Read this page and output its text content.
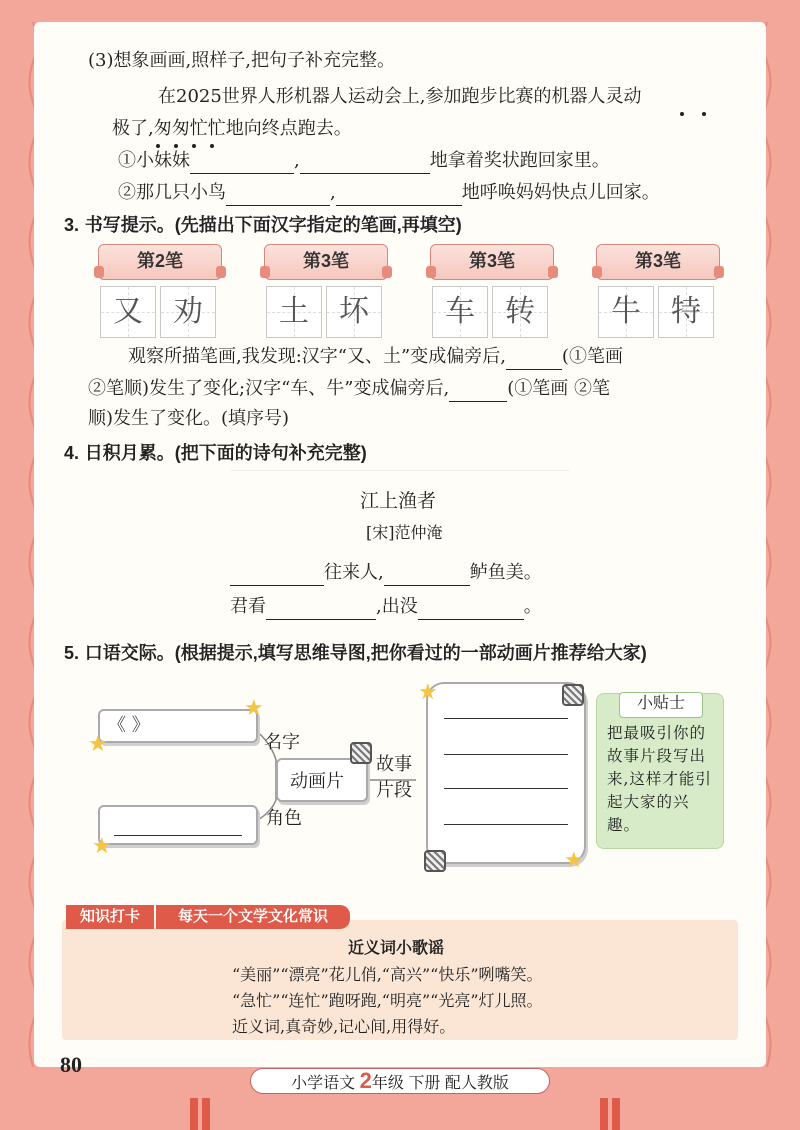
(3)想象画画,照样子,把句子补充完整。
在2025世界人形机器人运动会上,参加跑步比赛的机器人灵动
极了,匆匆忙忙地向终点跑去。
①小妹妹	,	地拿着奖状跑回家里。
②那几只小鸟	,	地呼唤妈妈快点儿回家。
3. 书写提示。(先描出下面汉字指定的笔画,再填空)
第2笔
又	劝
第3笔
土	坏
第3笔
车	转
第3笔
牛	特
观察所描笔画,我发现:汉字“又、土”变成偏旁后,	(①笔画
②笔顺)发生了变化;汉字“车、牛”变成偏旁后,	(①笔画 ②笔
顺)发生了变化。(填序号)
4. 日积月累。(把下面的诗句补充完整)
江上渔者
[宋]范仲淹
往来人,	鲈鱼美。
君看	,出没	。
5. 口语交际。(根据提示,填写思维导图,把你看过的一部动画片推荐给大家)
《 》
★
★
名字
动画片
故事
片段
★
角色
★
★
小贴士
把最吸引你的故事片段写出来,这样才能引起大家的兴趣。
知识打卡	每天一个文学文化常识
近义词小歌谣
“美丽”“漂亮”花儿俏,“高兴”“快乐”咧嘴笑。
“急忙”“连忙”跑呀跑,“明亮”“光亮”灯儿照。
近义词,真奇妙,记心间,用得好。
80
小学语文 2年级 下册 配人教版
